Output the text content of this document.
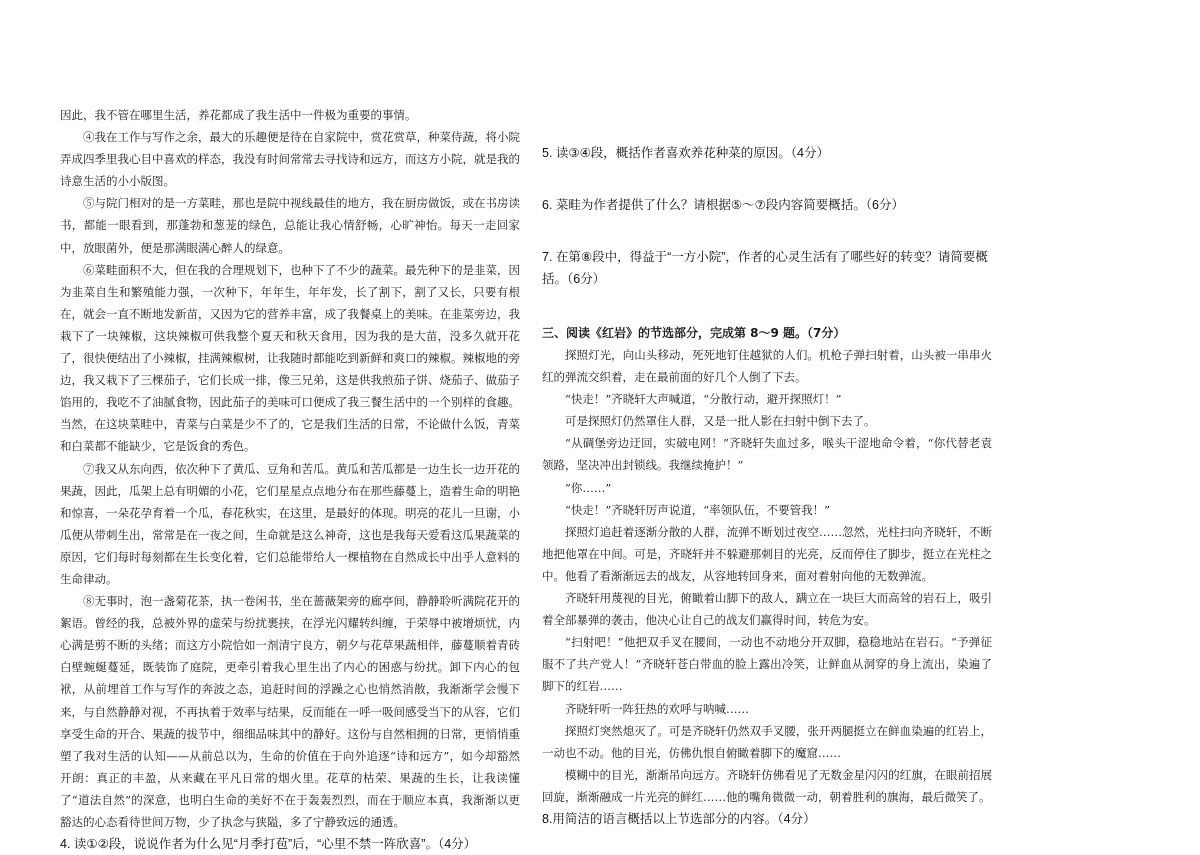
因此，我不管在哪里生活，养花都成了我生活中一件极为重要的事情。

④我在工作与写作之余，最大的乐趣便是待在自家院中，赏花赏草，种菜侍蔬，将小院弄成四季里我心目中喜欢的样态，我没有时间常常去寻找诗和远方，而这方小院，就是我的诗意生活的小小版图。

⑤与院门相对的是一方菜畦，那也是院中视线最佳的地方，我在厨房做饭，或在书房读书，都能一眼看到，那蓬勃和葱茏的绿色，总能让我心情舒畅，心旷神怡。每天一走回家中，放眼菌外，便是那满眼满心醉人的绿意。

⑥菜畦面积不大，但在我的合理规划下，也种下了不少的蔬菜。最先种下的是韭菜，因为韭菜自生和繁殖能力强，一次种下，年年生，年年发，长了割下，割了又长，只要有根在，就会一直不断地发新苗，又因为它的营养丰富，成了我餐桌上的美味。在韭菜旁边，我栽下了一块辣椒，这块辣椒可供我整个夏天和秋天食用，因为我的是大苗，没多久就开花了，很快便结出了小辣椒，挂满辣椒树，让我随时都能吃到新鲜和爽口的辣椒。辣椒地的旁边，我又栽下了三棵茄子，它们长成一排，像三兄弟，这是供我煎茄子饼、烧茄子、做茄子馅用的，我吃不了油腻食物，因此茄子的美味可口便成了我三餐生活中的一个别样的食趣。当然，在这块菜畦中，青菜与白菜是少不了的，它是我们生活的日常，不论做什么饭，青菜和白菜都不能缺少，它是饭食的秀色。

⑦我又从东向西，依次种下了黄瓜、豆角和苦瓜。黄瓜和苦瓜都是一边生长一边开花的果蔬，因此，瓜架上总有明媚的小花，它们星星点点地分布在那些藤蔓上，造着生命的明艳和惊喜，一朵花孕育着一个瓜，春花秋实，在这里，是最好的体现。明亮的花儿一旦谢，小瓜便从带刺生出，常常是在一夜之间，生命就是这么神奇，这也是我每天爱看这瓜果蔬菜的原因，它们每时每刻都在生长变化着，它们总能带给人一棵植物在自然成长中出乎人意料的生命律动。

⑧无事时，泡一盏菊花茶，执一卷闲书，坐在蔷薇架旁的廊亭间，静静聆听满院花开的絮语。曾经的我，总被外界的虚荣与纷扰裹挟，在浮光闪耀转纠缠，于荣辱中被增烦忧，内心满是剪不断的头绪；而这方小院恰如一剂清宁良方，朝夕与花草果蔬相伴，藤蔓顺着青砖白壁蜿蜒蔓延，既装饰了庭院，更牵引着我心里生出了内心的困惑与纷扰。卸下内心的包袱，从前埋首工作与写作的奔波之态，追赶时间的浮躁之心也悄然消散，我渐渐学会慢下来，与自然静静对视，不再执着于效率与结果，反而能在一呼一吸间感受当下的从容，它们享受生命的开合、果蔬的拔节中，细细品味其中的静好。这份与自然相拥的日常，更悄悄重塑了我对生活的认知——从前总以为，生命的价值在于向外追逐“诗和远方”，如今却豁然开朗：真正的丰盈，从来藏在平凡日常的烟火里。花草的枯荣、果蔬的生长，让我读懂了“道法自然”的深意，也明白生命的美好不在于轰轰烈烈，而在于顺应本真，我渐渐以更豁达的心态看待世间万物，少了执念与狭隘，多了宁静致远的通透。

4. 读①②段，说说作者为什么见“月季打苞”后，“心里不禁一阵欣喜”。（4分）

5. 读③④段，概括作者喜欢养花种菜的原因。（4分）

6. 菜畦为作者提供了什么？请根据⑤～⑦段内容简要概括。（6分）

7. 在第⑧段中，得益于“一方小院”，作者的心灵生活有了哪些好的转变？请简要概括。（6分）

三、阅读《红岩》的节选部分，完成第 8～9 题。（7分）

探照灯光，向山头移动，死死地钉住越狱的人们。机枪子弹扫射着，山头被一串串火红的弹流交织着，走在最前面的好几个人倒了下去。

“快走！”齐晓轩大声喊道，“分散行动，避开探照灯！”

可是探照灯仍然罩住人群，又是一批人影在扫射中倒下去了。

“从碉堡旁边迂回，实破电网！”齐晓轩失血过多，喉头干涩地命令着，“你代替老袁领路，坚决冲出封锁线。我继续掩护！”

“你……”

“快走！”齐晓轩厉声说道，“率领队伍，不要管我！”

探照灯追赶着逐渐分散的人群，流弹不断划过夜空……忽然，光柱扫向齐晓轩，不断地把他罩在中间。可是，齐晓轩并不躲避那刺目的光亮，反而停住了脚步，挺立在光柱之中。他看了看渐渐远去的战友，从容地转回身来，面对着射向他的无数弹流。

齐晓轩用蔑视的目光，俯瞰着山脚下的敌人，蹒立在一块巨大而高耸的岩石上，吸引着全部暴弹的袭击，他决心让自己的战友们赢得时间，转危为安。

“扫射吧！”他把双手叉在腰间，一动也不动地分开双脚，稳稳地站在岩石。“予弹征服不了共产党人！”齐晓轩苍白带血的脸上露出冷笑，让鲜血从洞穿的身上流出，染遍了脚下的红岩……

齐晓轩听一阵狂热的欢呼与呐喊……

探照灯突然熄灭了。可是齐晓轩仍然双手叉腰，张开两腿挺立在鲜血染遍的红岩上，一动也不动。他的目光，仿佛仇恨自俯瞰着脚下的魔窟……

模糊中的目光，渐渐吊向远方。齐晓轩仿佛看见了无数金星闪闪的红旗，在眼前招展回旋，渐渐融成一片光亮的鲜红……他的嘴角微微一动，朝着胜利的旗海，最后微笑了。

8.用简洁的语言概括以上节选部分的内容。（4分）
